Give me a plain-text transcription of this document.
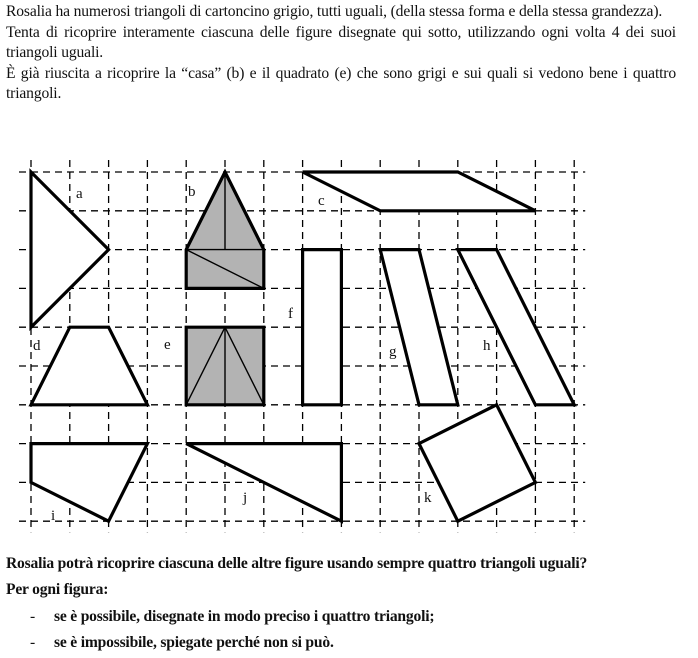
Rosalia ha numerosi triangoli di cartoncino grigio, tutti uguali, (della stessa forma e della stessa grandezza).

Tenta di ricoprire interamente ciascuna delle figure disegnate qui sotto, utilizzando ogni volta 4 dei suoi triangoli uguali.

È già riuscita a ricoprire la “casa” (b) e il quadrato (e) che sono grigi e sui quali si vedono bene i quattro triangoli.

a	b
c
d	e
f
g	h
i
j	k

Rosalia potrà ricoprire ciascuna delle altre figure usando sempre quattro triangoli uguali?

Per ogni figura:

-	se è possibile, disegnate in modo preciso i quattro triangoli;

-	se è impossibile, spiegate perché non si può.
